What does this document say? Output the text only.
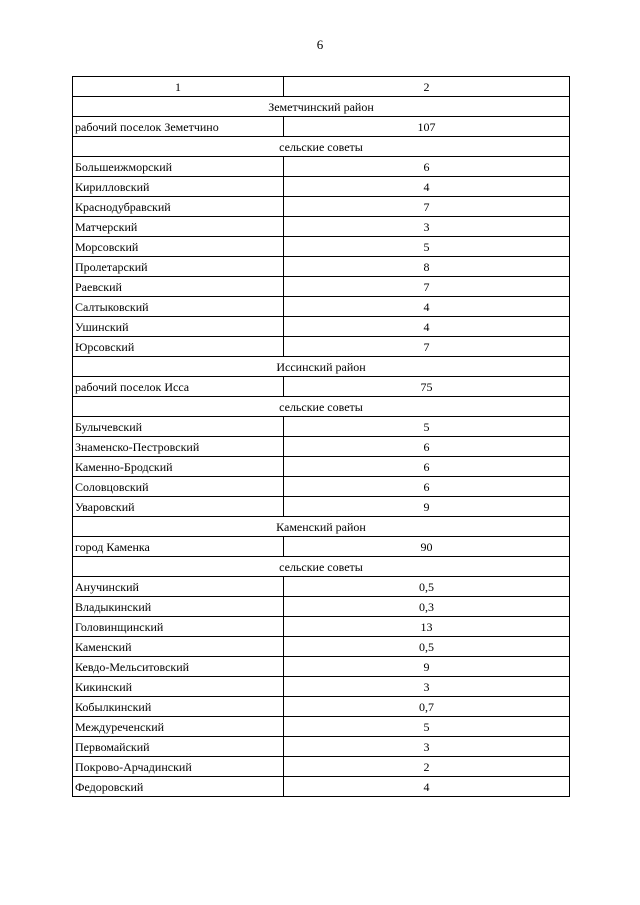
6
1	2
Земетчинский район	
рабочий поселок Земетчино	107
сельские советы	
Большеижморский	6
Кирилловский	4
Краснодубравский	7
Матчерский	3
Морсовский	5
Пролетарский	8
Раевский	7
Салтыковский	4
Ушинский	4
Юрсовский	7
Иссинский район	
рабочий поселок Исса	75
сельские советы	
Булычевский	5
Знаменско-Пестровский	6
Каменно-Бродский	6
Соловцовский	6
Уваровский	9
Каменский район	
город Каменка	90
сельские советы	
Анучинский	0,5
Владыкинский	0,3
Головинщинский	13
Каменский	0,5
Кевдо-Мельситовский	9
Кикинский	3
Кобылкинский	0,7
Междуреченский	5
Первомайский	3
Покрово-Арчадинский	2
Федоровский	4
